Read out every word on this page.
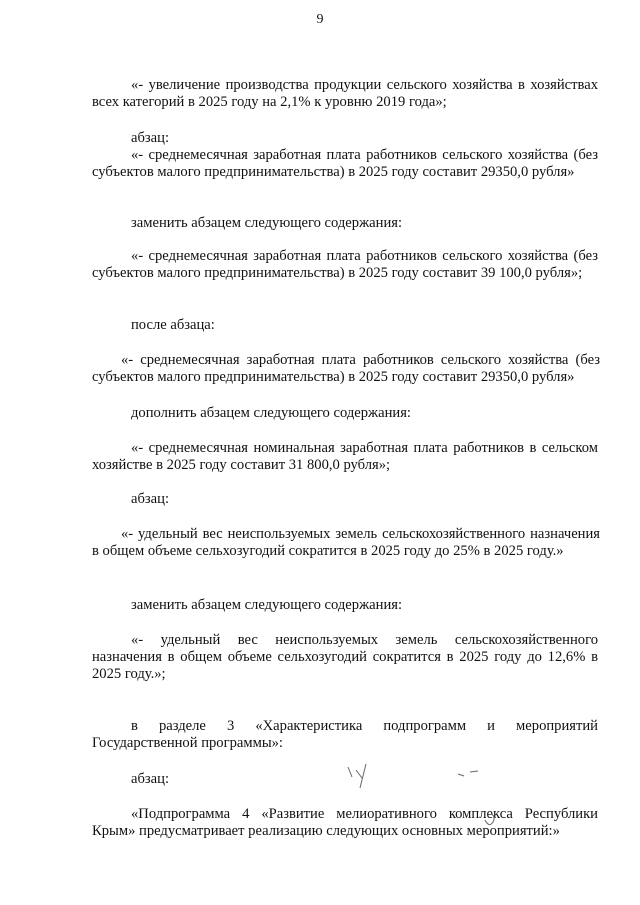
9

«- увеличение производства продукции сельского хозяйства в хозяйствах всех категорий в 2025 году на 2,1% к уровню 2019 года»;

абзац:

«- среднемесячная заработная плата работников сельского хозяйства (без субъектов малого предпринимательства) в 2025 году составит 29350,0 рубля»

заменить абзацем следующего содержания:

«- среднемесячная заработная плата работников сельского хозяйства (без субъектов малого предпринимательства) в 2025 году составит 39 100,0 рубля»;

после абзаца:

«- среднемесячная заработная плата работников сельского хозяйства (без субъектов малого предпринимательства) в 2025 году составит 29350,0 рубля»

дополнить абзацем следующего содержания:

«- среднемесячная номинальная заработная плата работников в сельском хозяйстве в 2025 году составит 31 800,0 рубля»;

абзац:

«- удельный вес неиспользуемых земель сельскохозяйственного назначения в общем объеме сельхозугодий сократится в 2025 году до 25% в 2025 году.»

заменить абзацем следующего содержания:

«- удельный вес неиспользуемых земель сельскохозяйственного назначения в общем объеме сельхозугодий сократится в 2025 году до 12,6% в 2025 году.»;

в разделе 3 «Характеристика подпрограмм и мероприятий Государственной программы»:

абзац:

«Подпрограмма 4 «Развитие мелиоративного комплекса Республики Крым» предусматривает реализацию следующих основных мероприятий:»
